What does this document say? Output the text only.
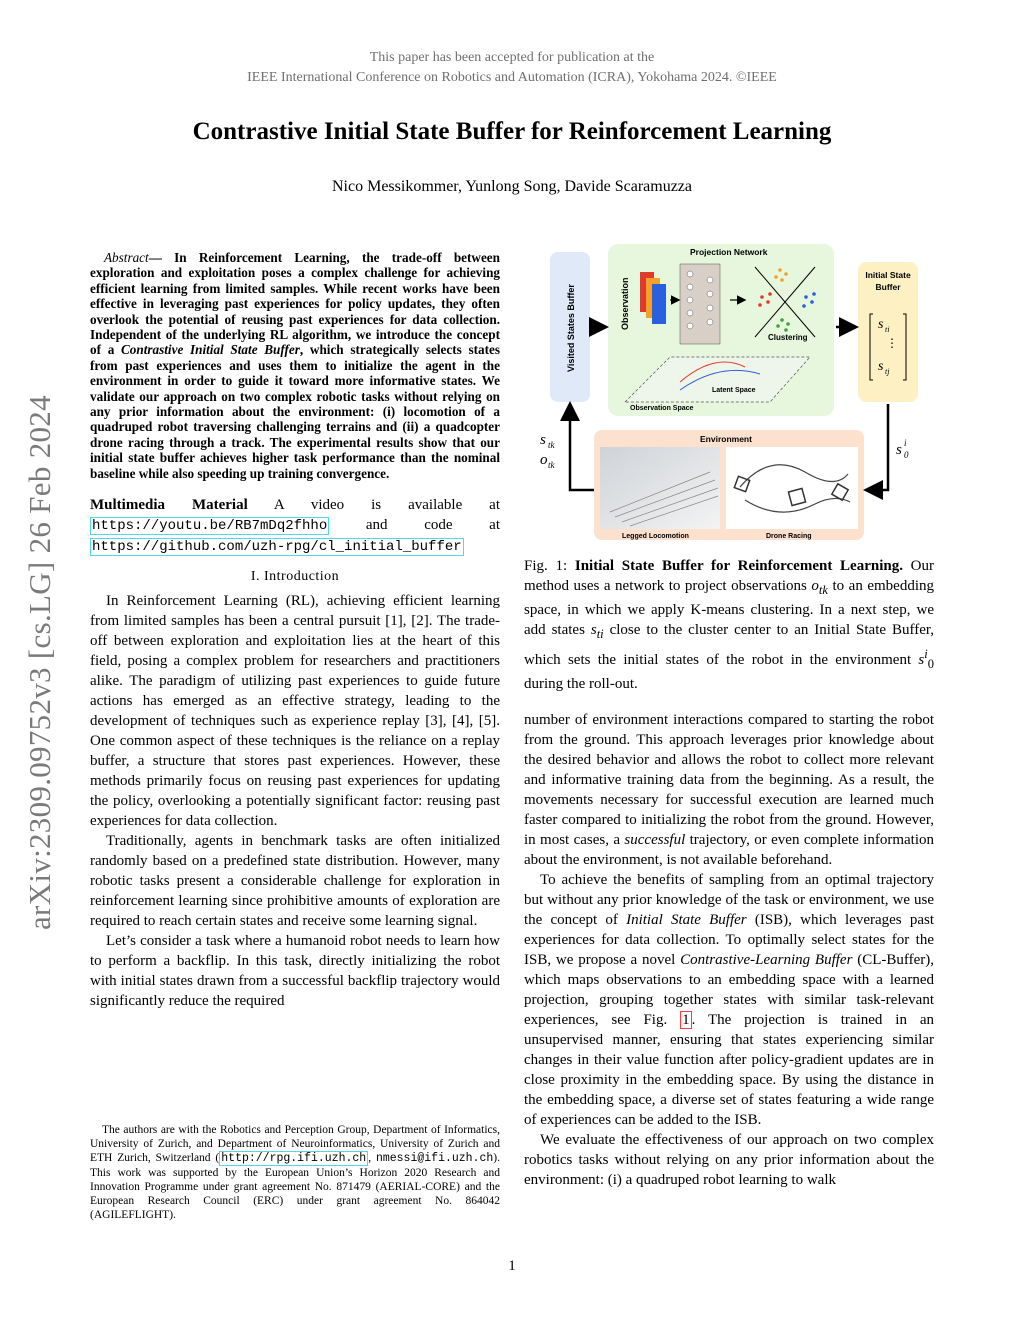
This paper has been accepted for publication at the
IEEE International Conference on Robotics and Automation (ICRA), Yokohama 2024. ©IEEE
Contrastive Initial State Buffer for Reinforcement Learning
Nico Messikommer, Yunlong Song, Davide Scaramuzza
arXiv:2309.09752v3 [cs.LG] 26 Feb 2024
Abstract— In Reinforcement Learning, the trade-off between exploration and exploitation poses a complex challenge for achieving efficient learning from limited samples. While recent works have been effective in leveraging past experiences for policy updates, they often overlook the potential of reusing past experiences for data collection. Independent of the underlying RL algorithm, we introduce the concept of a Contrastive Initial State Buffer, which strategically selects states from past experiences and uses them to initialize the agent in the environment in order to guide it toward more informative states. We validate our approach on two complex robotic tasks without relying on any prior information about the environment: (i) locomotion of a quadruped robot traversing challenging terrains and (ii) a quadcopter drone racing through a track. The experimental results show that our initial state buffer achieves higher task performance than the nominal baseline while also speeding up training convergence.
Multimedia Material A video is available at https://youtu.be/RB7mDq2fhho and code at https://github.com/uzh-rpg/cl_initial_buffer
I. Introduction

In Reinforcement Learning (RL), achieving efficient learning from limited samples has been a central pursuit [1], [2]. The trade-off between exploration and exploitation lies at the heart of this field, posing a complex problem for researchers and practitioners alike. The paradigm of utilizing past experiences to guide future actions has emerged as an effective strategy, leading to the development of techniques such as experience replay [3], [4], [5]. One common aspect of these techniques is the reliance on a replay buffer, a structure that stores past experiences. However, these methods primarily focus on reusing past experiences for updating the policy, overlooking a potentially significant factor: reusing past experiences for data collection.

Traditionally, agents in benchmark tasks are often initialized randomly based on a predefined state distribution. However, many robotic tasks present a considerable challenge for exploration in reinforcement learning since prohibitive amounts of exploration are required to reach certain states and receive some learning signal.

Let’s consider a task where a humanoid robot needs to learn how to perform a backflip. In this task, directly initializing the robot with initial states drawn from a successful backflip trajectory would significantly reduce the required

The authors are with the Robotics and Perception Group, Department of Informatics, University of Zurich, and Department of Neuroinformatics, University of Zurich and ETH Zurich, Switzerland ( http://rpg.ifi.uzh.ch , nmessi@ifi.uzh.ch). This work was supported by the European Union’s Horizon 2020 Research and Innovation Programme under grant agreement No. 871479 (AERIAL-CORE) and the European Research Council (ERC) under grant agreement No. 864042 (AGILEFLIGHT).
Visited States Buffer
Projection Network
Observation
Clustering
Latent Space
Observation Space
Initial State
Buffer
s ti
⋮
s tj
Environment
Legged Locomotion	Drone Racing
s tk
o tk
s i
0

Fig. 1: Initial State Buffer for Reinforcement Learning. Our method uses a network to project observations $o_{tk}$ to an embedding space, in which we apply K-means clustering. In a next step, we add states $s_{ti}$ close to the cluster center to an Initial State Buffer, which sets the initial states of the robot in the environment $s^i_0$ during the roll-out.

number of environment interactions compared to starting the robot from the ground. This approach leverages prior knowledge about the desired behavior and allows the robot to collect more relevant and informative training data from the beginning. As a result, the movements necessary for successful execution are learned much faster compared to initializing the robot from the ground. However, in most cases, a successful trajectory, or even complete information about the environment, is not available beforehand.

To achieve the benefits of sampling from an optimal trajectory but without any prior knowledge of the task or environment, we use the concept of Initial State Buffer (ISB), which leverages past experiences for data collection. To optimally select states for the ISB, we propose a novel Contrastive-Learning Buffer (CL-Buffer), which maps observations to an embedding space with a learned projection, grouping together states with similar task-relevant experiences, see Fig. 1 . The projection is trained in an unsupervised manner, ensuring that states experiencing similar changes in their value function after policy-gradient updates are in close proximity in the embedding space. By using the distance in the embedding space, a diverse set of states featuring a wide range of experiences can be added to the ISB.

We evaluate the effectiveness of our approach on two complex robotics tasks without relying on any prior information about the environment: (i) a quadruped robot learning to walk

1
